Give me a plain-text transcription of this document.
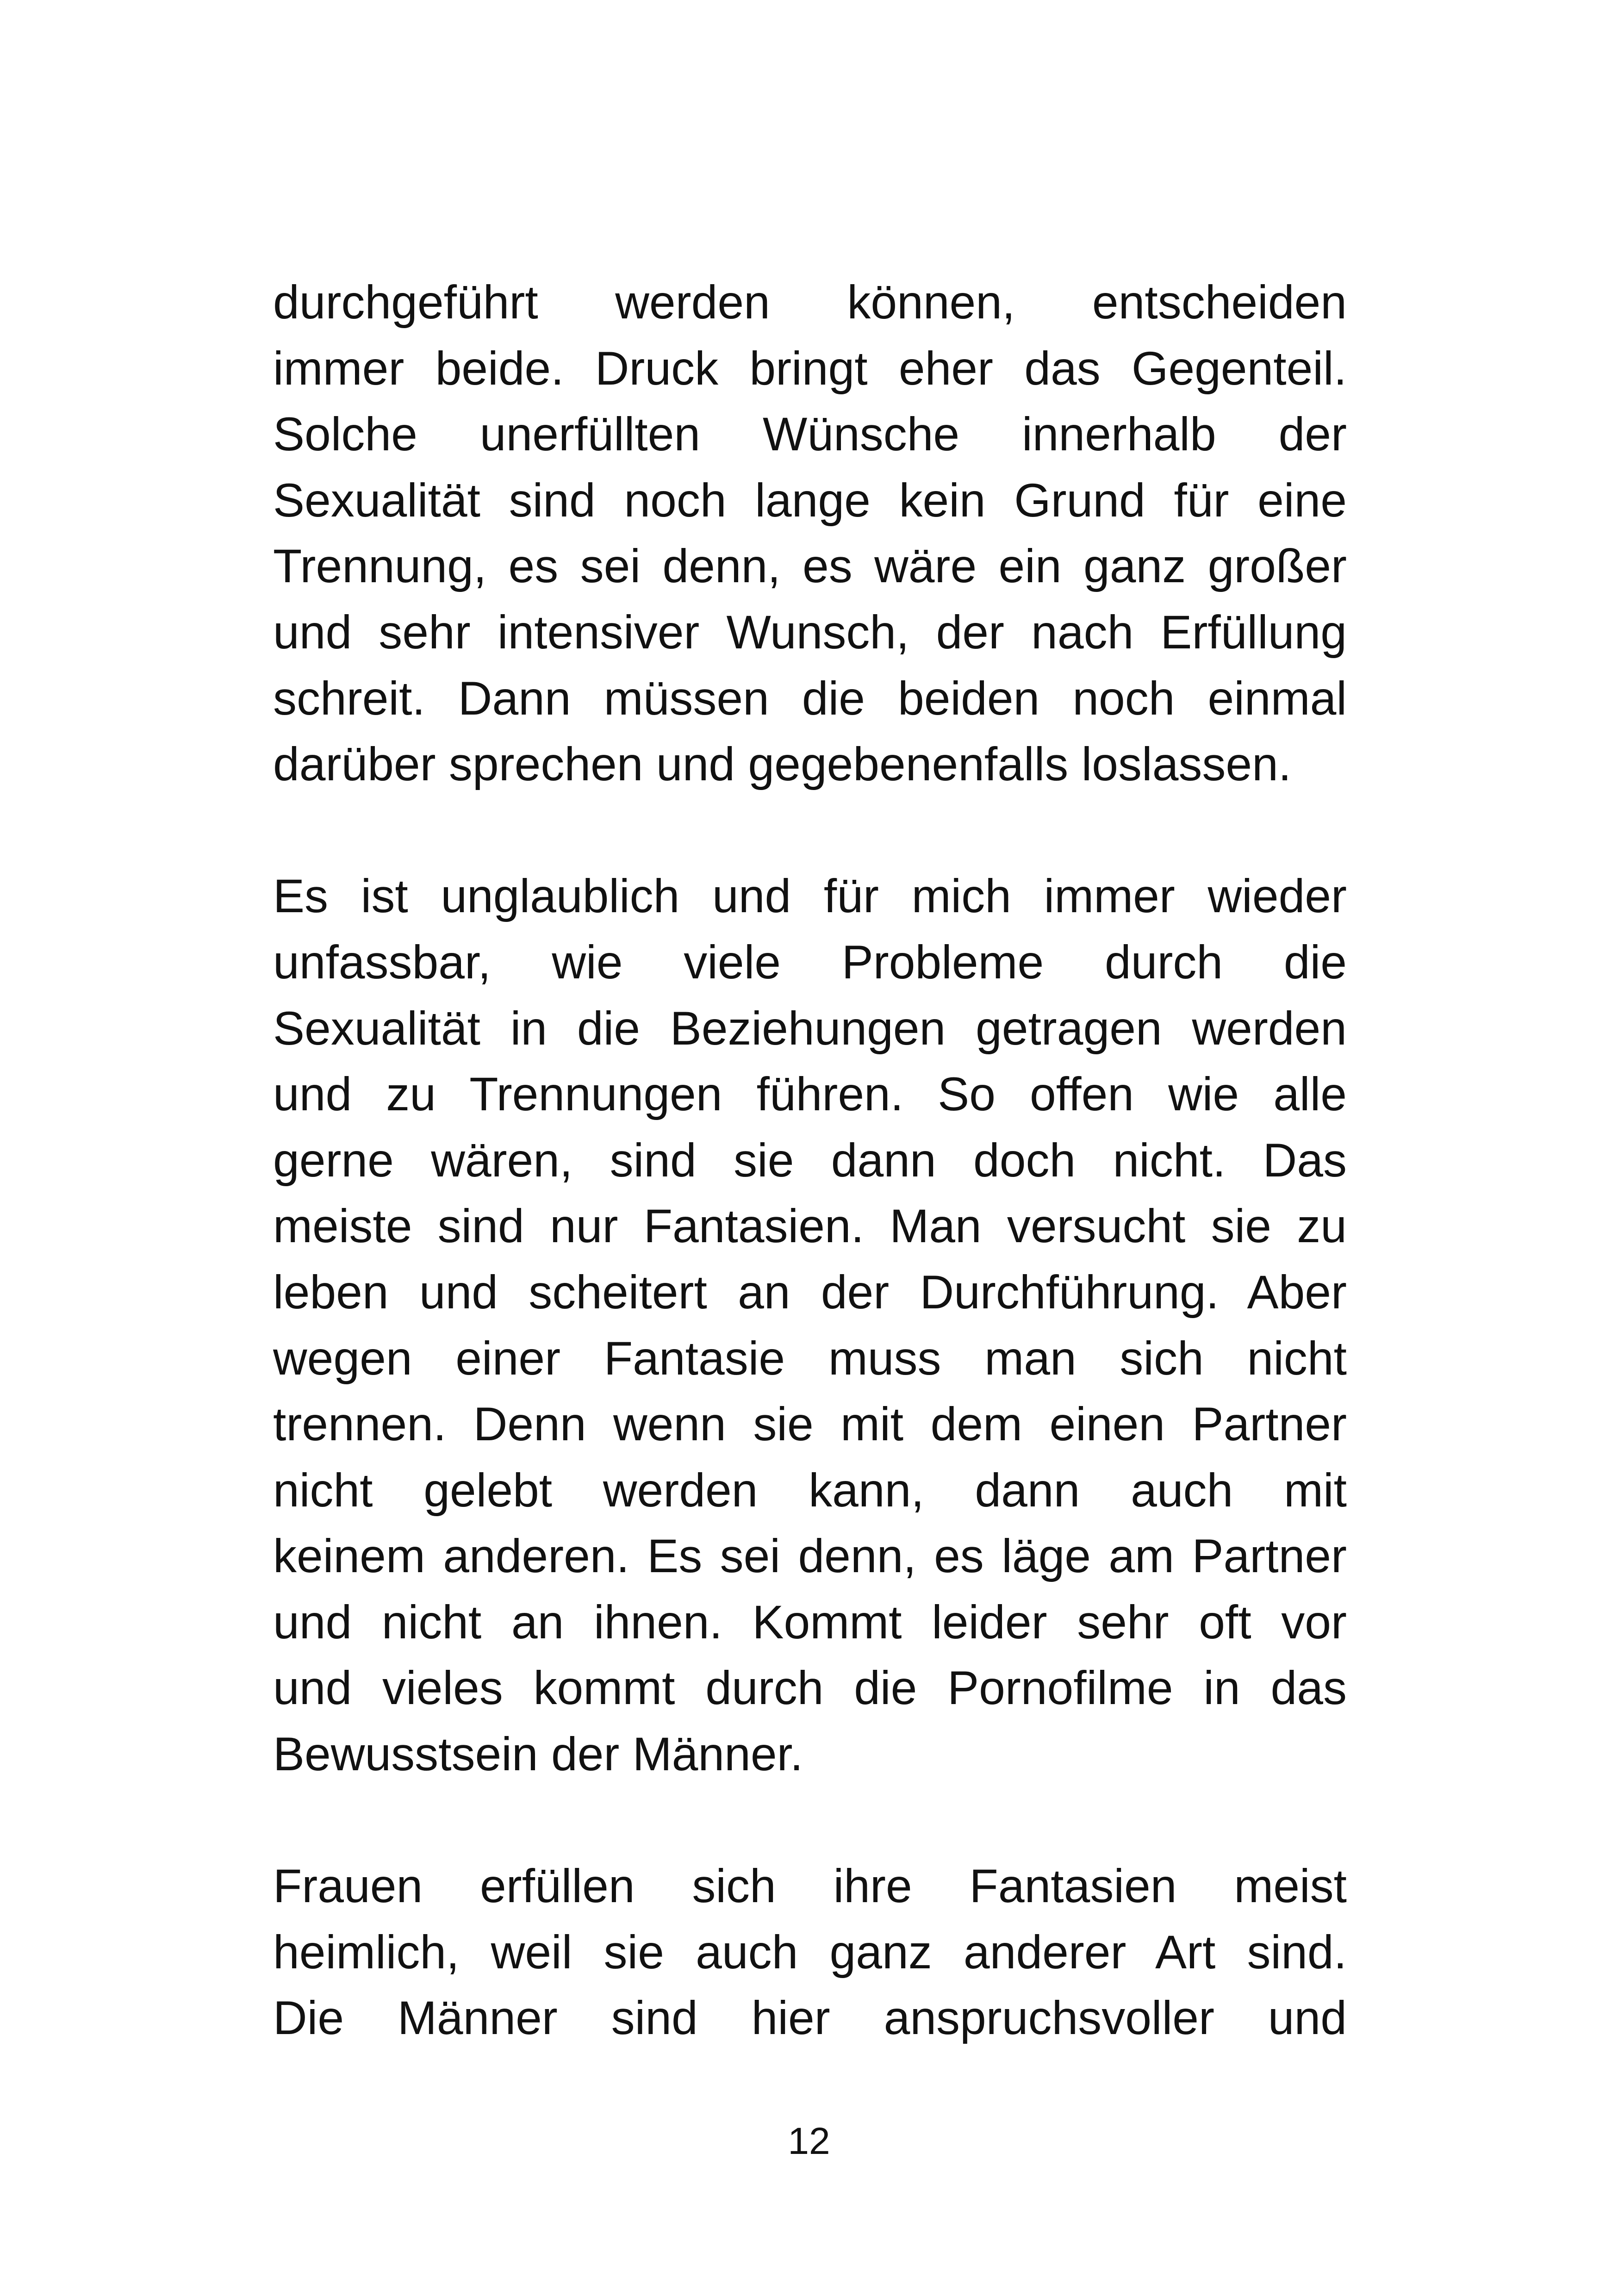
durchgeführt werden können, entscheiden
immer beide. Druck bringt eher das Gegenteil.
Solche unerfüllten Wünsche innerhalb der
Sexualität sind noch lange kein Grund für eine
Trennung, es sei denn, es wäre ein ganz großer
und sehr intensiver Wunsch, der nach Erfüllung
schreit. Dann müssen die beiden noch einmal
darüber sprechen und gegebenenfalls loslassen.
Es ist unglaublich und für mich immer wieder
unfassbar, wie viele Probleme durch die
Sexualität in die Beziehungen getragen werden
und zu Trennungen führen. So offen wie alle
gerne wären, sind sie dann doch nicht. Das
meiste sind nur Fantasien. Man versucht sie zu
leben und scheitert an der Durchführung. Aber
wegen einer Fantasie muss man sich nicht
trennen. Denn wenn sie mit dem einen Partner
nicht gelebt werden kann, dann auch mit
keinem anderen. Es sei denn, es läge am Partner
und nicht an ihnen. Kommt leider sehr oft vor
und vieles kommt durch die Pornofilme in das
Bewusstsein der Männer.
Frauen erfüllen sich ihre Fantasien meist
heimlich, weil sie auch ganz anderer Art sind.
Die Männer sind hier anspruchsvoller und
12
